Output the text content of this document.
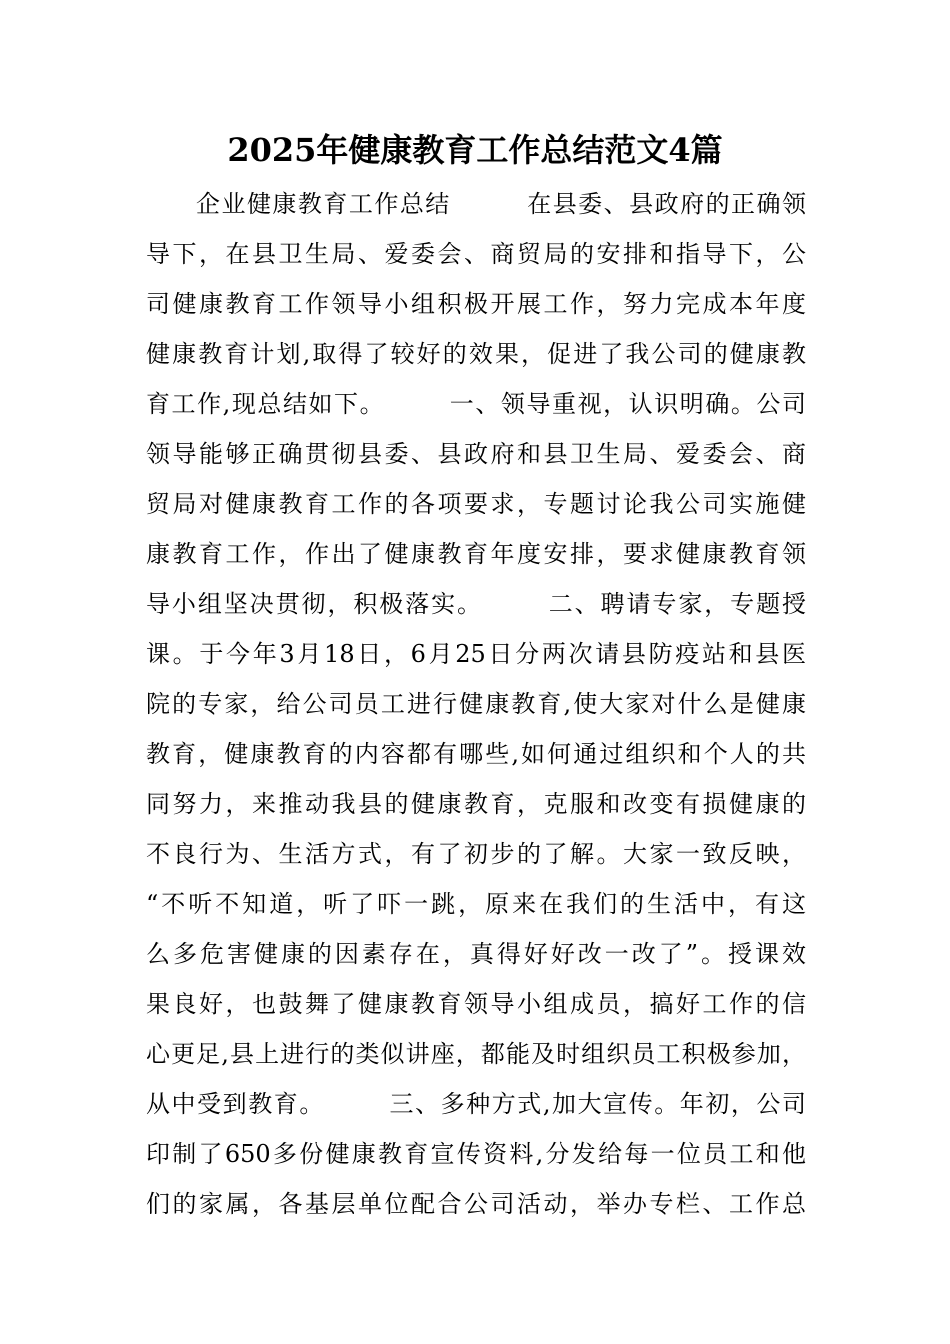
2025年健康教育工作总结范文4篇
企业健康教育工作总结　　　在县委、县政府的正确领
导下，在县卫生局、爱委会、商贸局的安排和指导下，公
司健康教育工作领导小组积极开展工作，努力完成本年度
健康教育计划,取得了较好的效果，促进了我公司的健康教
育工作,现总结如下。　　　一、领导重视，认识明确。公司
领导能够正确贯彻县委、县政府和县卫生局、爱委会、商
贸局对健康教育工作的各项要求，专题讨论我公司实施健
康教育工作，作出了健康教育年度安排，要求健康教育领
导小组坚决贯彻，积极落实。　　　二、聘请专家，专题授
课。于今年3月18日，6月25日分两次请县防疫站和县医
院的专家，给公司员工进行健康教育,使大家对什么是健康
教育，健康教育的内容都有哪些,如何通过组织和个人的共
同努力，来推动我县的健康教育，克服和改变有损健康的
不良行为、生活方式，有了初步的了解。大家一致反映，
“不听不知道，听了吓一跳，原来在我们的生活中，有这
么多危害健康的因素存在，真得好好改一改了”。授课效
果良好，也鼓舞了健康教育领导小组成员，搞好工作的信
心更足,县上进行的类似讲座，都能及时组织员工积极参加，
从中受到教育。　　　三、多种方式,加大宣传。年初，公司
印制了650多份健康教育宣传资料,分发给每一位员工和他
们的家属，各基层单位配合公司活动，举办专栏、工作总
